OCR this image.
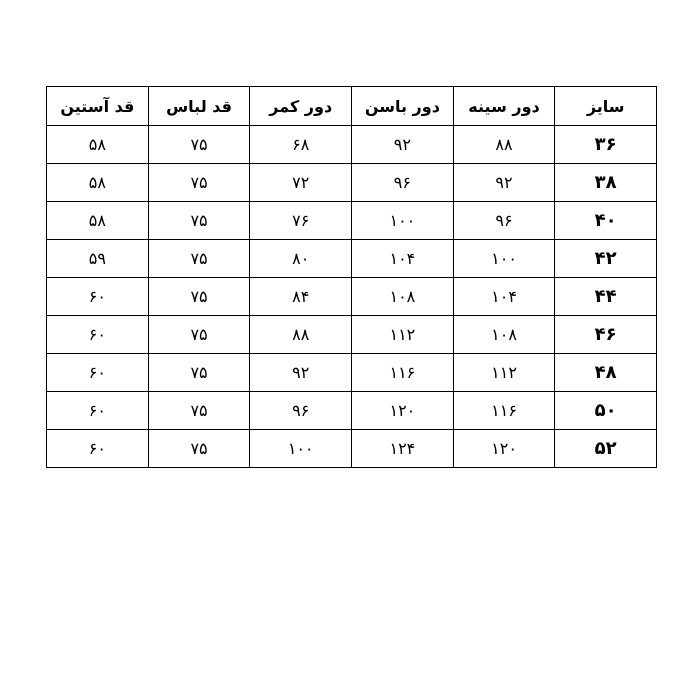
سایز	دور سینه	دور باسن	دور کمر	قد لباس	قد آستین
۳۶	۸۸	۹۲	۶۸	۷۵	۵۸
۳۸	۹۲	۹۶	۷۲	۷۵	۵۸
۴۰	۹۶	۱۰۰	۷۶	۷۵	۵۸
۴۲	۱۰۰	۱۰۴	۸۰	۷۵	۵۹
۴۴	۱۰۴	۱۰۸	۸۴	۷۵	۶۰
۴۶	۱۰۸	۱۱۲	۸۸	۷۵	۶۰
۴۸	۱۱۲	۱۱۶	۹۲	۷۵	۶۰
۵۰	۱۱۶	۱۲۰	۹۶	۷۵	۶۰
۵۲	۱۲۰	۱۲۴	۱۰۰	۷۵	۶۰
